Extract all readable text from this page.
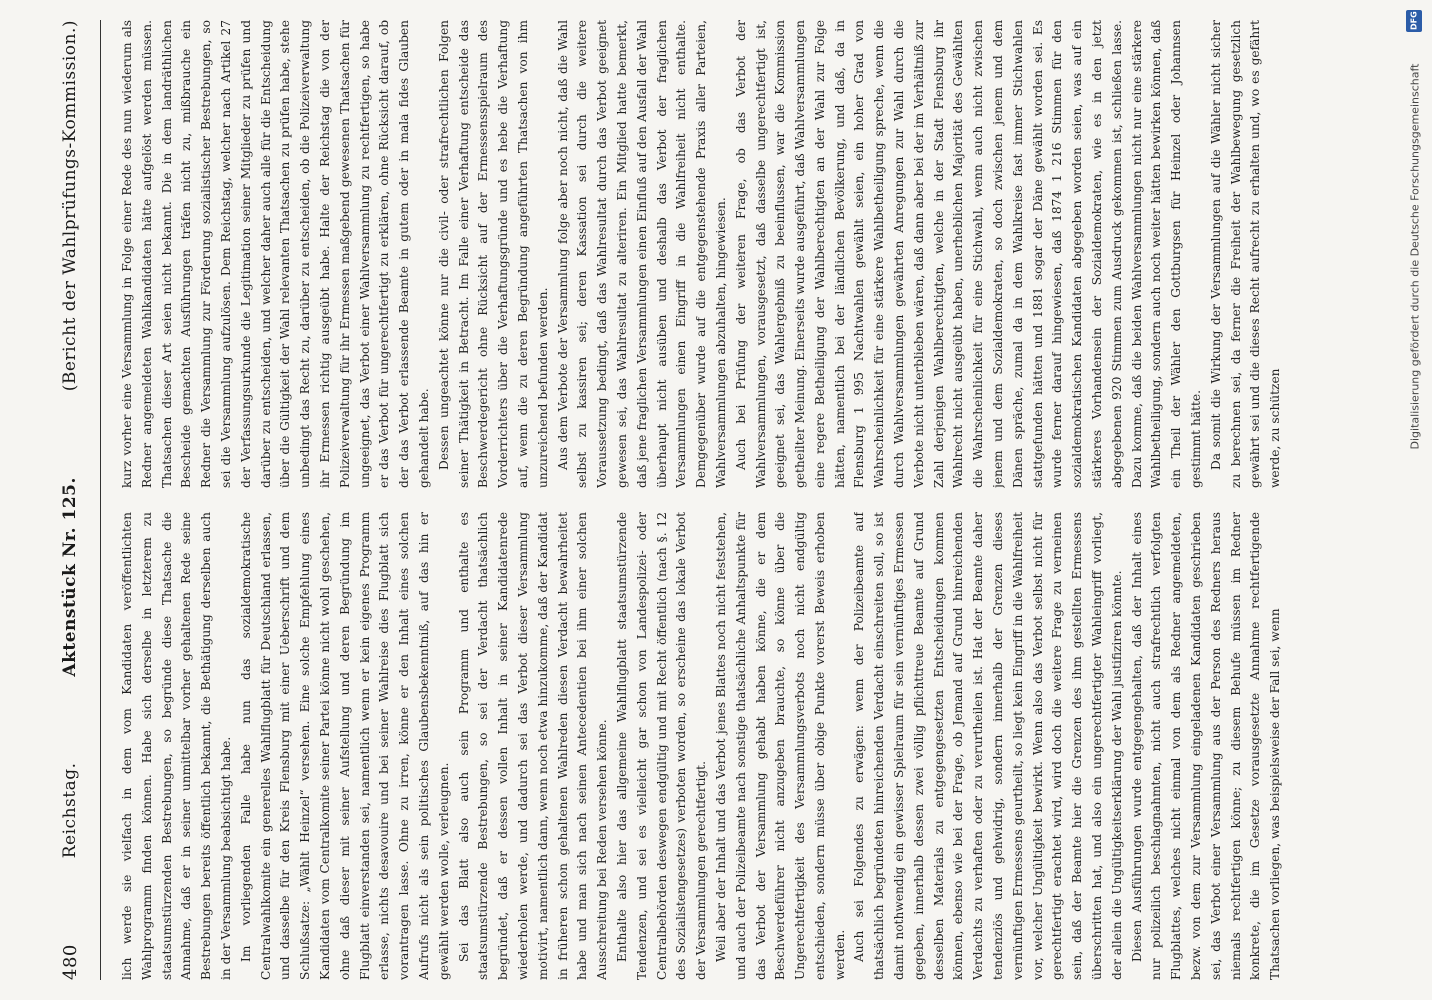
480
Reichstag.
Aktenstück Nr. 125.
(Bericht der Wahlprüfungs-Kommission.)

lich werde sie vielfach in dem vom Kandidaten veröffentlichten Wahlprogramm finden können. Habe sich derselbe in letzterem zu staatsumstürzenden Bestrebungen, so begründe diese Thatsache die Annahme, daß er in seiner unmittelbar vorher gehaltenen Rede seine Bestrebungen bereits öffentlich bekannt, die Bethätigung derselben auch in der Versammlung beabsichtigt habe. Im vorliegenden Falle habe nun das sozialdemokratische Centralwahlkomite ein generelles Wahlflugblatt für Deutschland erlassen, und dasselbe für den Kreis Flensburg mit einer Ueberschrift und dem Schlußsatze: „Wählt Heinzel“ versehen. Eine solche Empfehlung eines Kandidaten vom Centralkomite seiner Partei könne nicht wohl geschehen, ohne daß dieser mit seiner Aufstellung und deren Begründung im Flugblatt einverstanden sei, namentlich wenn er kein eigenes Programm erlasse, nichts desavouire und bei seiner Wahlreise dies Flugblatt sich vorantragen lasse. Ohne zu irren, könne er den Inhalt eines solchen Aufrufs nicht als sein politisches Glaubensbekenntniß, auf das hin er gewählt werden wolle, verleugnen. Sei das Blatt also auch sein Programm und enthalte es staatsumstürzende Bestrebungen, so sei der Verdacht thatsächlich begründet, daß er dessen vollen Inhalt in seiner Kandidatenrede wiederholen werde, und dadurch sei das Verbot dieser Versammlung motivirt, namentlich dann, wenn noch etwa hinzukomme, daß der Kandidat in früheren schon gehaltenen Wahlreden diesen Verdacht bewahrheitet habe und man sich nach seinen Antecedentien bei ihm einer solchen Ausschreitung bei Reden versehen könne. Enthalte also hier das allgemeine Wahlflugblatt staatsumstürzende Tendenzen, und sei es vielleicht gar schon von Landespolizei- oder Centralbehörden deswegen endgültig und mit Recht öffentlich (nach §. 12 des Sozialistengesetzes) verboten worden, so erscheine das lokale Verbot der Versammlungen gerechtfertigt. Weil aber der Inhalt und das Verbot jenes Blattes noch nicht feststehen, und auch der Polizeibeamte nach sonstige thatsächliche Anhaltspunkte für das Verbot der Versammlung gehabt haben könne, die er dem Beschwerdeführer nicht anzugeben brauchte, so könne über die Ungerechtfertigkeit des Versammlungsverbots noch nicht endgültig entschieden, sondern müsse über obige Punkte vorerst Beweis erhoben werden. Auch sei Folgendes zu erwägen: wenn der Polizeibeamte auf thatsächlich begründeten hinreichenden Verdacht einschreiten soll, so ist damit nothwendig ein gewisser Spielraum für sein vernünftiges Ermessen gegeben, innerhalb dessen zwei völlig pflichttreue Beamte auf Grund desselben Materials zu entgegengesetzten Entscheidungen kommen können, ebenso wie bei der Frage, ob Jemand auf Grund hinreichenden Verdachts zu verhaften oder zu verurtheilen ist. Hat der Beamte daher tendenziös und gehwidrig, sondern innerhalb der Grenzen dieses vernünftigen Ermessens geurtheilt, so liegt kein Eingriff in die Wahlfreiheit vor, welcher Ungültigkeit bewirkt. Wenn also das Verbot selbst nicht für gerechtfertigt erachtet wird, wird doch die weitere Frage zu verneinen sein, daß der Beamte hier die Grenzen des ihm gestellten Ermessens überschritten hat, und also ein ungerechtfertigter Wahleingriff vorliegt, der allein die Ungültigkeitserklärung der Wahl justifiziren könnte. Diesen Ausführungen wurde entgegengehalten, daß der Inhalt eines nur polizeilich beschlagnahmten, nicht auch strafrechtlich verfolgten Flugblattes, welches nicht einmal von dem als Redner angemeldeten, bezw. von dem zur Versammlung eingeladenen Kandidaten geschrieben sei, das Verbot einer Versammlung aus der Person des Redners heraus niemals rechtfertigen könne; zu diesem Behufe müssen im Redner konkrete, die im Gesetze vorausgesetzte Annahme rechtfertigende Thatsachen vorliegen, was beispielsweise der Fall sei, wenn

kurz vorher eine Versammlung in Folge einer Rede des nun wiederum als Redner angemeldeten Wahlkandidaten hätte aufgelöst werden müssen. Thatsachen dieser Art seien nicht bekannt. Die in dem landräthlichen Bescheide gemachten Ausführungen träfen nicht zu, mißbrauche ein Redner die Versammlung zur Förderung sozialistischer Bestrebungen, so sei die Versammlung aufzulösen. Dem Reichstag, welcher nach Artikel 27 der Verfassungsurkunde die Legitimation seiner Mitglieder zu prüfen und darüber zu entscheiden, und welcher daher auch alle für die Entscheidung über die Gültigkeit der Wahl relevanten Thatsachen zu prüfen habe, stehe unbedingt das Recht zu, darüber zu entscheiden, ob die Polizeiverwaltung ihr Ermessen richtig ausgeübt habe. Halte der Reichstag die von der Polizeiverwaltung für ihr Ermessen maßgebend gewesenen Thatsachen für ungeeignet, das Verbot einer Wahlversammlung zu rechtfertigen, so habe er das Verbot für ungerechtfertigt zu erklären, ohne Rücksicht darauf, ob der das Verbot erlassende Beamte in gutem oder in mala fides Glauben gehandelt habe. Dessen ungeachtet könne nur die civil- oder strafrechtlichen Folgen seiner Thätigkeit in Betracht. Im Falle einer Verhaftung entscheide das Beschwerdegericht ohne Rücksicht auf der Ermessensspielraum des Vorderrichters über die Verhaftungsgründe und es hebe die Verhaftung auf, wenn die zu deren Begründung angeführten Thatsachen von ihm unzureichend befunden werden. Aus dem Verbote der Versammlung folge aber noch nicht, daß die Wahl selbst zu kassiren sei; deren Kassation sei durch die weitere Voraussetzung bedingt, daß das Wahlresultat durch das Verbot geeignet gewesen sei, das Wahlresultat zu alteriren. Ein Mitglied hatte bemerkt, daß jene fraglichen Versammlungen einen Einfluß auf den Ausfall der Wahl überhaupt nicht ausüben und deshalb das Verbot der fraglichen Versammlungen einen Eingriff in die Wahlfreiheit nicht enthalte. Demgegenüber wurde auf die entgegenstehende Praxis aller Parteien, Wahlversammlungen abzuhalten, hingewiesen. Auch bei Prüfung der weiteren Frage, ob das Verbot der Wahlversammlungen, vorausgesetzt, daß dasselbe ungerechtfertigt ist, geeignet sei, das Wahlergebniß zu beeinflussen, war die Kommission getheilter Meinung. Einerseits wurde ausgeführt, daß Wahlversammlungen eine regere Betheiligung der Wahlberechtigten an der Wahl zur Folge hätten, namentlich bei der ländlichen Bevölkerung, und daß, da in Flensburg 1 995 Nachtwahlen gewählt seien, ein hoher Grad von Wahrscheinlichkeit für eine stärkere Wahlbetheiligung spreche, wenn die durch Wahlversammlungen gewährten Anregungen zur Wahl durch die Verbote nicht unterblieben wären, daß dann aber bei der im Verhältniß zur Zahl derjenigen Wahlberechtigten, welche in der Stadt Flensburg ihr Wahlrecht nicht ausgeübt haben, unerheblichen Majorität des Gewählten die Wahrscheinlichkeit für eine Stichwahl, wenn auch nicht zwischen jenem und dem Sozialdemokraten, so doch zwischen jenem und dem Dänen spräche, zumal da in dem Wahlkreise fast immer Stichwahlen stattgefunden hätten und 1881 sogar der Däne gewählt worden sei. Es wurde ferner darauf hingewiesen, daß 1874 1 216 Stimmen für den sozialdemokratischen Kandidaten abgegeben worden seien, was auf ein stärkeres Vorhandensein der Sozialdemokraten, wie es in den jetzt abgegebenen 920 Stimmen zum Ausdruck gekommen ist, schließen lasse. Dazu komme, daß die beiden Wahlversammlungen nicht nur eine stärkere Wahlbetheiligung, sondern auch noch weiter hätten bewirken können, daß ein Theil der Wähler den Gottburgsen für Heinzel oder Johannsen gestimmt hätte. Da somit die Wirkung der Versammlungen auf die Wähler nicht sicher zu berechnen sei, da ferner die Freiheit der Wahlbewegung gesetzlich gewährt sei und die dieses Recht aufrecht zu erhalten und, wo es gefährt werde, zu schützen

DFG
Digitalisierung gefördert durch die Deutsche Forschungsgemeinschaft
